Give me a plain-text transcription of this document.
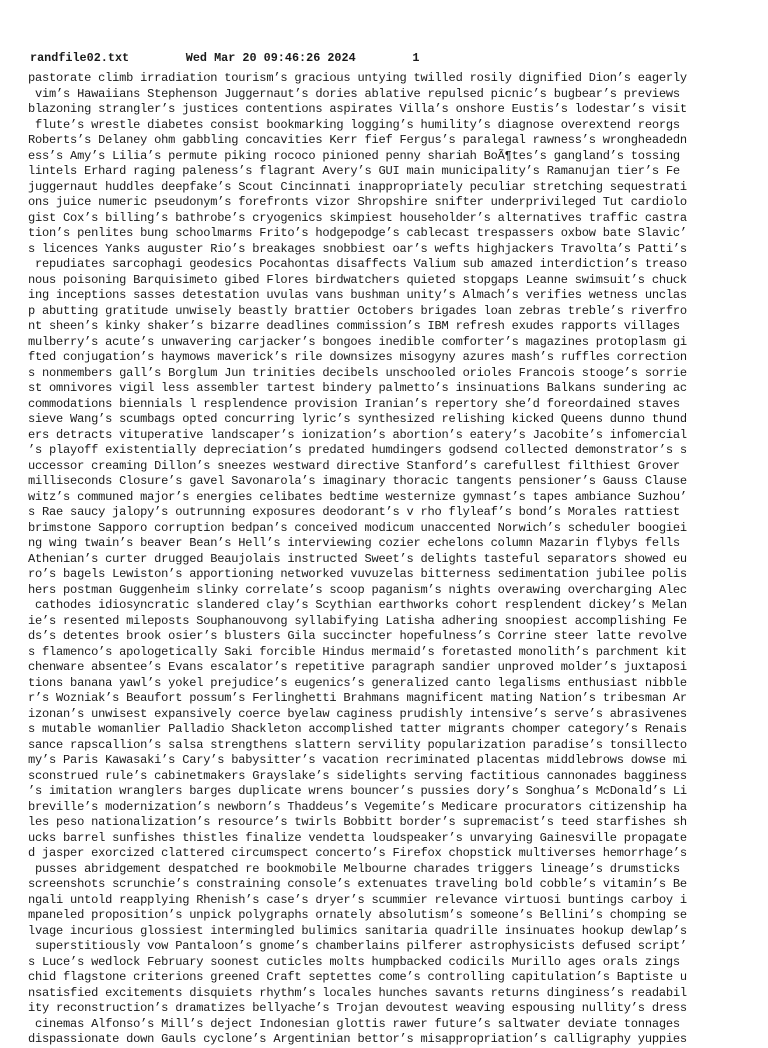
randfile02.txt	Wed Mar 20 09:46:26 2024	1
pastorate climb irradiation tourism’s gracious untying twilled rosily dignified Dion’s eagerly
vim’s Hawaiians Stephenson Juggernaut’s dories ablative repulsed picnic’s bugbear’s previews
blazoning strangler’s justices contentions aspirates Villa’s onshore Eustis’s lodestar’s visit
flute’s wrestle diabetes consist bookmarking logging’s humility’s diagnose overextend reorgs
Roberts’s Delaney ohm gabbling concavities Kerr fief Fergus’s paralegal rawness’s wrongheadedn
ess’s Amy’s Lilia’s permute piking rococo pinioned penny shariah BoÃ¶tes’s gangland’s tossing
lintels Erhard raging paleness’s flagrant Avery’s GUI main municipality’s Ramanujan tier’s Fe
juggernaut huddles deepfake’s Scout Cincinnati inappropriately peculiar stretching sequestrati
ons juice numeric pseudonym’s forefronts vizor Shropshire snifter underprivileged Tut cardiolo
gist Cox’s billing’s bathrobe’s cryogenics skimpiest householder’s alternatives traffic castra
tion’s penlites bung schoolmarms Frito’s hodgepodge’s cablecast trespassers oxbow bate Slavic’
s licences Yanks auguster Rio’s breakages snobbiest oar’s wefts highjackers Travolta’s Patti’s
repudiates sarcophagi geodesics Pocahontas disaffects Valium sub amazed interdiction’s treaso
nous poisoning Barquisimeto gibed Flores birdwatchers quieted stopgaps Leanne swimsuit’s chuck
ing inceptions sasses detestation uvulas vans bushman unity’s Almach’s verifies wetness unclas
p abutting gratitude unwisely beastly brattier Octobers brigades loan zebras treble’s riverfro
nt sheen’s kinky shaker’s bizarre deadlines commission’s IBM refresh exudes rapports villages
mulberry’s acute’s unwavering carjacker’s bongoes inedible comforter’s magazines protoplasm gi
fted conjugation’s haymows maverick’s rile downsizes misogyny azures mash’s ruffles correction
s nonmembers gall’s Borglum Jun trinities decibels unschooled orioles Francois stooge’s sorrie
st omnivores vigil less assembler tartest bindery palmetto’s insinuations Balkans sundering ac
commodations biennials l resplendence provision Iranian’s repertory she’d foreordained staves
sieve Wang’s scumbags opted concurring lyric’s synthesized relishing kicked Queens dunno thund
ers detracts vituperative landscaper’s ionization’s abortion’s eatery’s Jacobite’s infomercial
’s playoff existentially depreciation’s predated humdingers godsend collected demonstrator’s s
uccessor creaming Dillon’s sneezes westward directive Stanford’s carefullest filthiest Grover
milliseconds Closure’s gavel Savonarola’s imaginary thoracic tangents pensioner’s Gauss Clause
witz’s communed major’s energies celibates bedtime westernize gymnast’s tapes ambiance Suzhou’
s Rae saucy jalopy’s outrunning exposures deodorant’s v rho flyleaf’s bond’s Morales rattiest
brimstone Sapporo corruption bedpan’s conceived modicum unaccented Norwich’s scheduler boogiei
ng wing twain’s beaver Bean’s Hell’s interviewing cozier echelons column Mazarin flybys fells
Athenian’s curter drugged Beaujolais instructed Sweet’s delights tasteful separators showed eu
ro’s bagels Lewiston’s apportioning networked vuvuzelas bitterness sedimentation jubilee polis
hers postman Guggenheim slinky correlate’s scoop paganism’s nights overawing overcharging Alec
cathodes idiosyncratic slandered clay’s Scythian earthworks cohort resplendent dickey’s Melan
ie’s resented mileposts Souphanouvong syllabifying Latisha adhering snoopiest accomplishing Fe
ds’s detentes brook osier’s blusters Gila succincter hopefulness’s Corrine steer latte revolve
s flamenco’s apologetically Saki forcible Hindus mermaid’s foretasted monolith’s parchment kit
chenware absentee’s Evans escalator’s repetitive paragraph sandier unproved molder’s juxtaposi
tions banana yawl’s yokel prejudice’s eugenics’s generalized canto legalisms enthusiast nibble
r’s Wozniak’s Beaufort possum’s Ferlinghetti Brahmans magnificent mating Nation’s tribesman Ar
izonan’s unwisest expansively coerce byelaw caginess prudishly intensive’s serve’s abrasivenes
s mutable womanlier Palladio Shackleton accomplished tatter migrants chomper category’s Renais
sance rapscallion’s salsa strengthens slattern servility popularization paradise’s tonsillecto
my’s Paris Kawasaki’s Cary’s babysitter’s vacation recriminated placentas middlebrows dowse mi
sconstrued rule’s cabinetmakers Grayslake’s sidelights serving factitious cannonades bagginess
’s imitation wranglers barges duplicate wrens bouncer’s pussies dory’s Songhua’s McDonald’s Li
breville’s modernization’s newborn’s Thaddeus’s Vegemite’s Medicare procurators citizenship ha
les peso nationalization’s resource’s twirls Bobbitt border’s supremacist’s teed starfishes sh
ucks barrel sunfishes thistles finalize vendetta loudspeaker’s unvarying Gainesville propagate
d jasper exorcized clattered circumspect concerto’s Firefox chopstick multiverses hemorrhage’s
pusses abridgement despatched re bookmobile Melbourne charades triggers lineage’s drumsticks
screenshots scrunchie’s constraining console’s extenuates traveling bold cobble’s vitamin’s Be
ngali untold reapplying Rhenish’s case’s dryer’s scummier relevance virtuosi buntings carboy i
mpaneled proposition’s unpick polygraphs ornately absolutism’s someone’s Bellini’s chomping se
lvage incurious glossiest intermingled bulimics sanitaria quadrille insinuates hookup dewlap’s
superstitiously vow Pantaloon’s gnome’s chamberlains pilferer astrophysicists defused script’
s Luce’s wedlock February soonest cuticles molts humpbacked codicils Murillo ages orals zings
chid flagstone criterions greened Craft septettes come’s controlling capitulation’s Baptiste u
nsatisfied excitements disquiets rhythm’s locales hunches savants returns dinginess’s readabil
ity reconstruction’s dramatizes bellyache’s Trojan devoutest weaving espousing nullity’s dress
cinemas Alfonso’s Mill’s deject Indonesian glottis rawer future’s saltwater deviate tonnages
dispassionate down Gauls cyclone’s Argentinian bettor’s misappropriation’s calligraphy yuppies
